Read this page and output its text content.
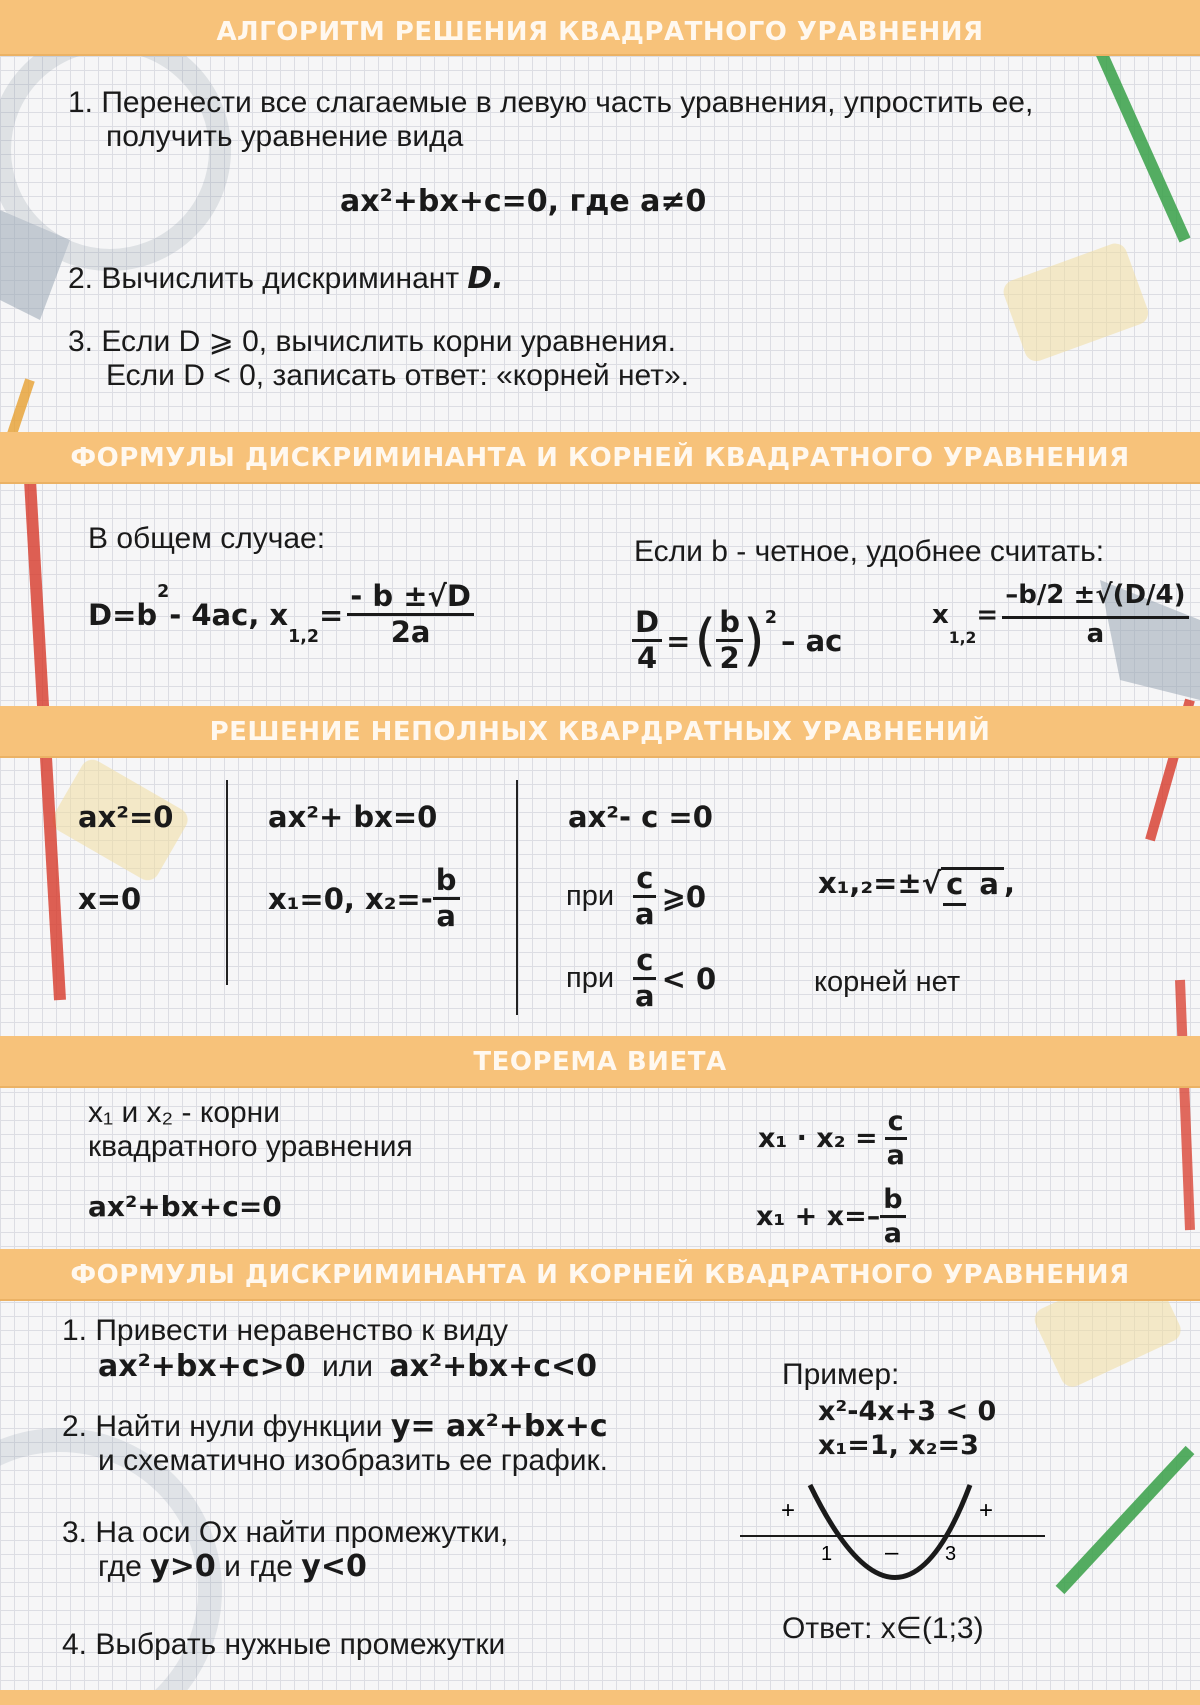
АЛГОРИТМ РЕШЕНИЯ КВАДРАТНОГО УРАВНЕНИЯ
ФОРМУЛЫ ДИСКРИМИНАНТА И КОРНЕЙ КВАДРАТНОГО УРАВНЕНИЯ
РЕШЕНИЕ НЕПОЛНЫХ КВАРДРАТНЫХ УРАВНЕНИЙ
ТЕОРЕМА ВИЕТА
ФОРМУЛЫ ДИСКРИМИНАНТА И КОРНЕЙ КВАДРАТНОГО УРАВНЕНИЯ
1. Перенести все слагаемые в левую часть уравнения, упростить ее,
получить уравнение вида
ax²+bx+c=0, где a≠0
2. Вычислить дискриминант D.
3. Если D ⩾ 0, вычислить корни уравнения.
Если D < 0, записать ответ: «корней нет».
В общем случае:
D=b
$^2$
- 4ac, x
$_{1,2}$
= $\frac{- b \pm√D}{2a}$
Если b - четное, удобнее считать:
$\frac{D}{4}$ = ( $\frac{b}{2} )^2$
– ac
x
$_{1,2}$
= $\frac{-b/2 \pm√(D/4)}{a}$
ax²=0
x=0
ax²+ bx=0
x₁=0, $x_2=- \frac{b}{a}$
ax²- c =0
при $\frac{c}{a}$ ⩾0
при $\frac{c}{a} < 0$
x₁,₂=±√ c a ,
корней нет
x₁ и x₂ - корни
квадратного уравнения
ax²+bx+c=0
$x_1 \cdot x_2 = \frac{c}{a}$
$x_1 + x=- \frac{b}{a}$
1. Привести неравенство к виду
ax²+bx+c>0 или ax²+bx+c<0
2. Найти нули функции y= ax²+bx+c
и схематично изобразить ее график.
3. На оси Ox найти промежутки,
где y>0 и где y<0
4. Выбрать нужные промежутки
Пример:
x²-4x+3 < 0
x₁=1, x₂=3
+	+
–
1	3
Ответ: x∈(1;3)
